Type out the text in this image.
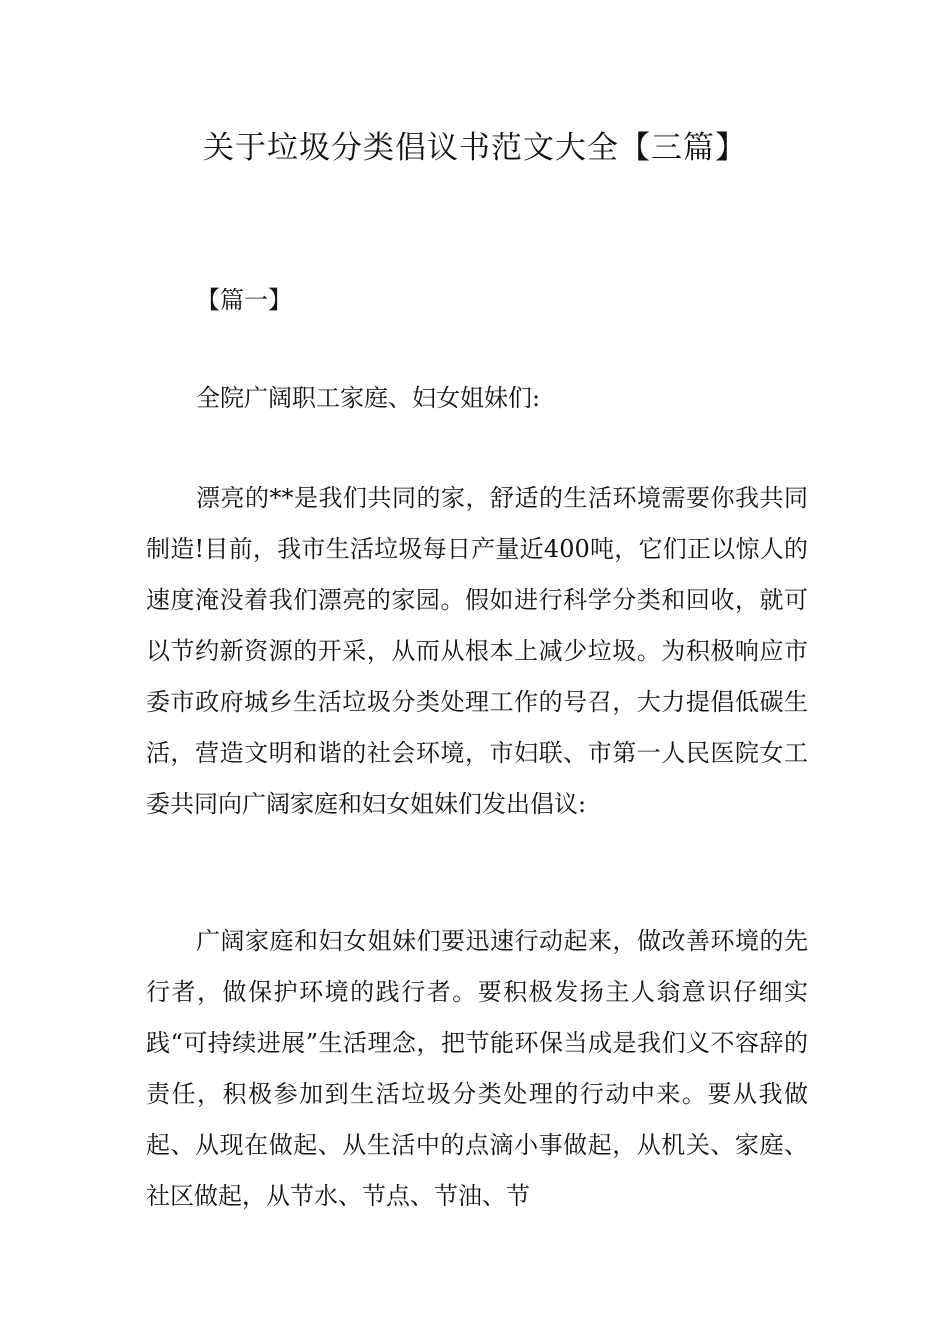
关于垃圾分类倡议书范文大全【三篇】

【篇一】

全院广阔职工家庭、妇女姐妹们:

漂亮的**是我们共同的家，舒适的生活环境需要你我共同制造!目前，我市生活垃圾每日产量近400吨，它们正以惊人的速度淹没着我们漂亮的家园。假如进行科学分类和回收，就可以节约新资源的开采，从而从根本上减少垃圾。为积极响应市委市政府城乡生活垃圾分类处理工作的号召，大力提倡低碳生活，营造文明和谐的社会环境，市妇联、市第一人民医院女工委共同向广阔家庭和妇女姐妹们发出倡议:

广阔家庭和妇女姐妹们要迅速行动起来，做改善环境的先行者，做保护环境的践行者。要积极发扬主人翁意识仔细实践“可持续进展”生活理念，把节能环保当成是我们义不容辞的责任，积极参加到生活垃圾分类处理的行动中来。要从我做起、从现在做起、从生活中的点滴小事做起，从机关、家庭、社区做起，从节水、节点、节油、节
